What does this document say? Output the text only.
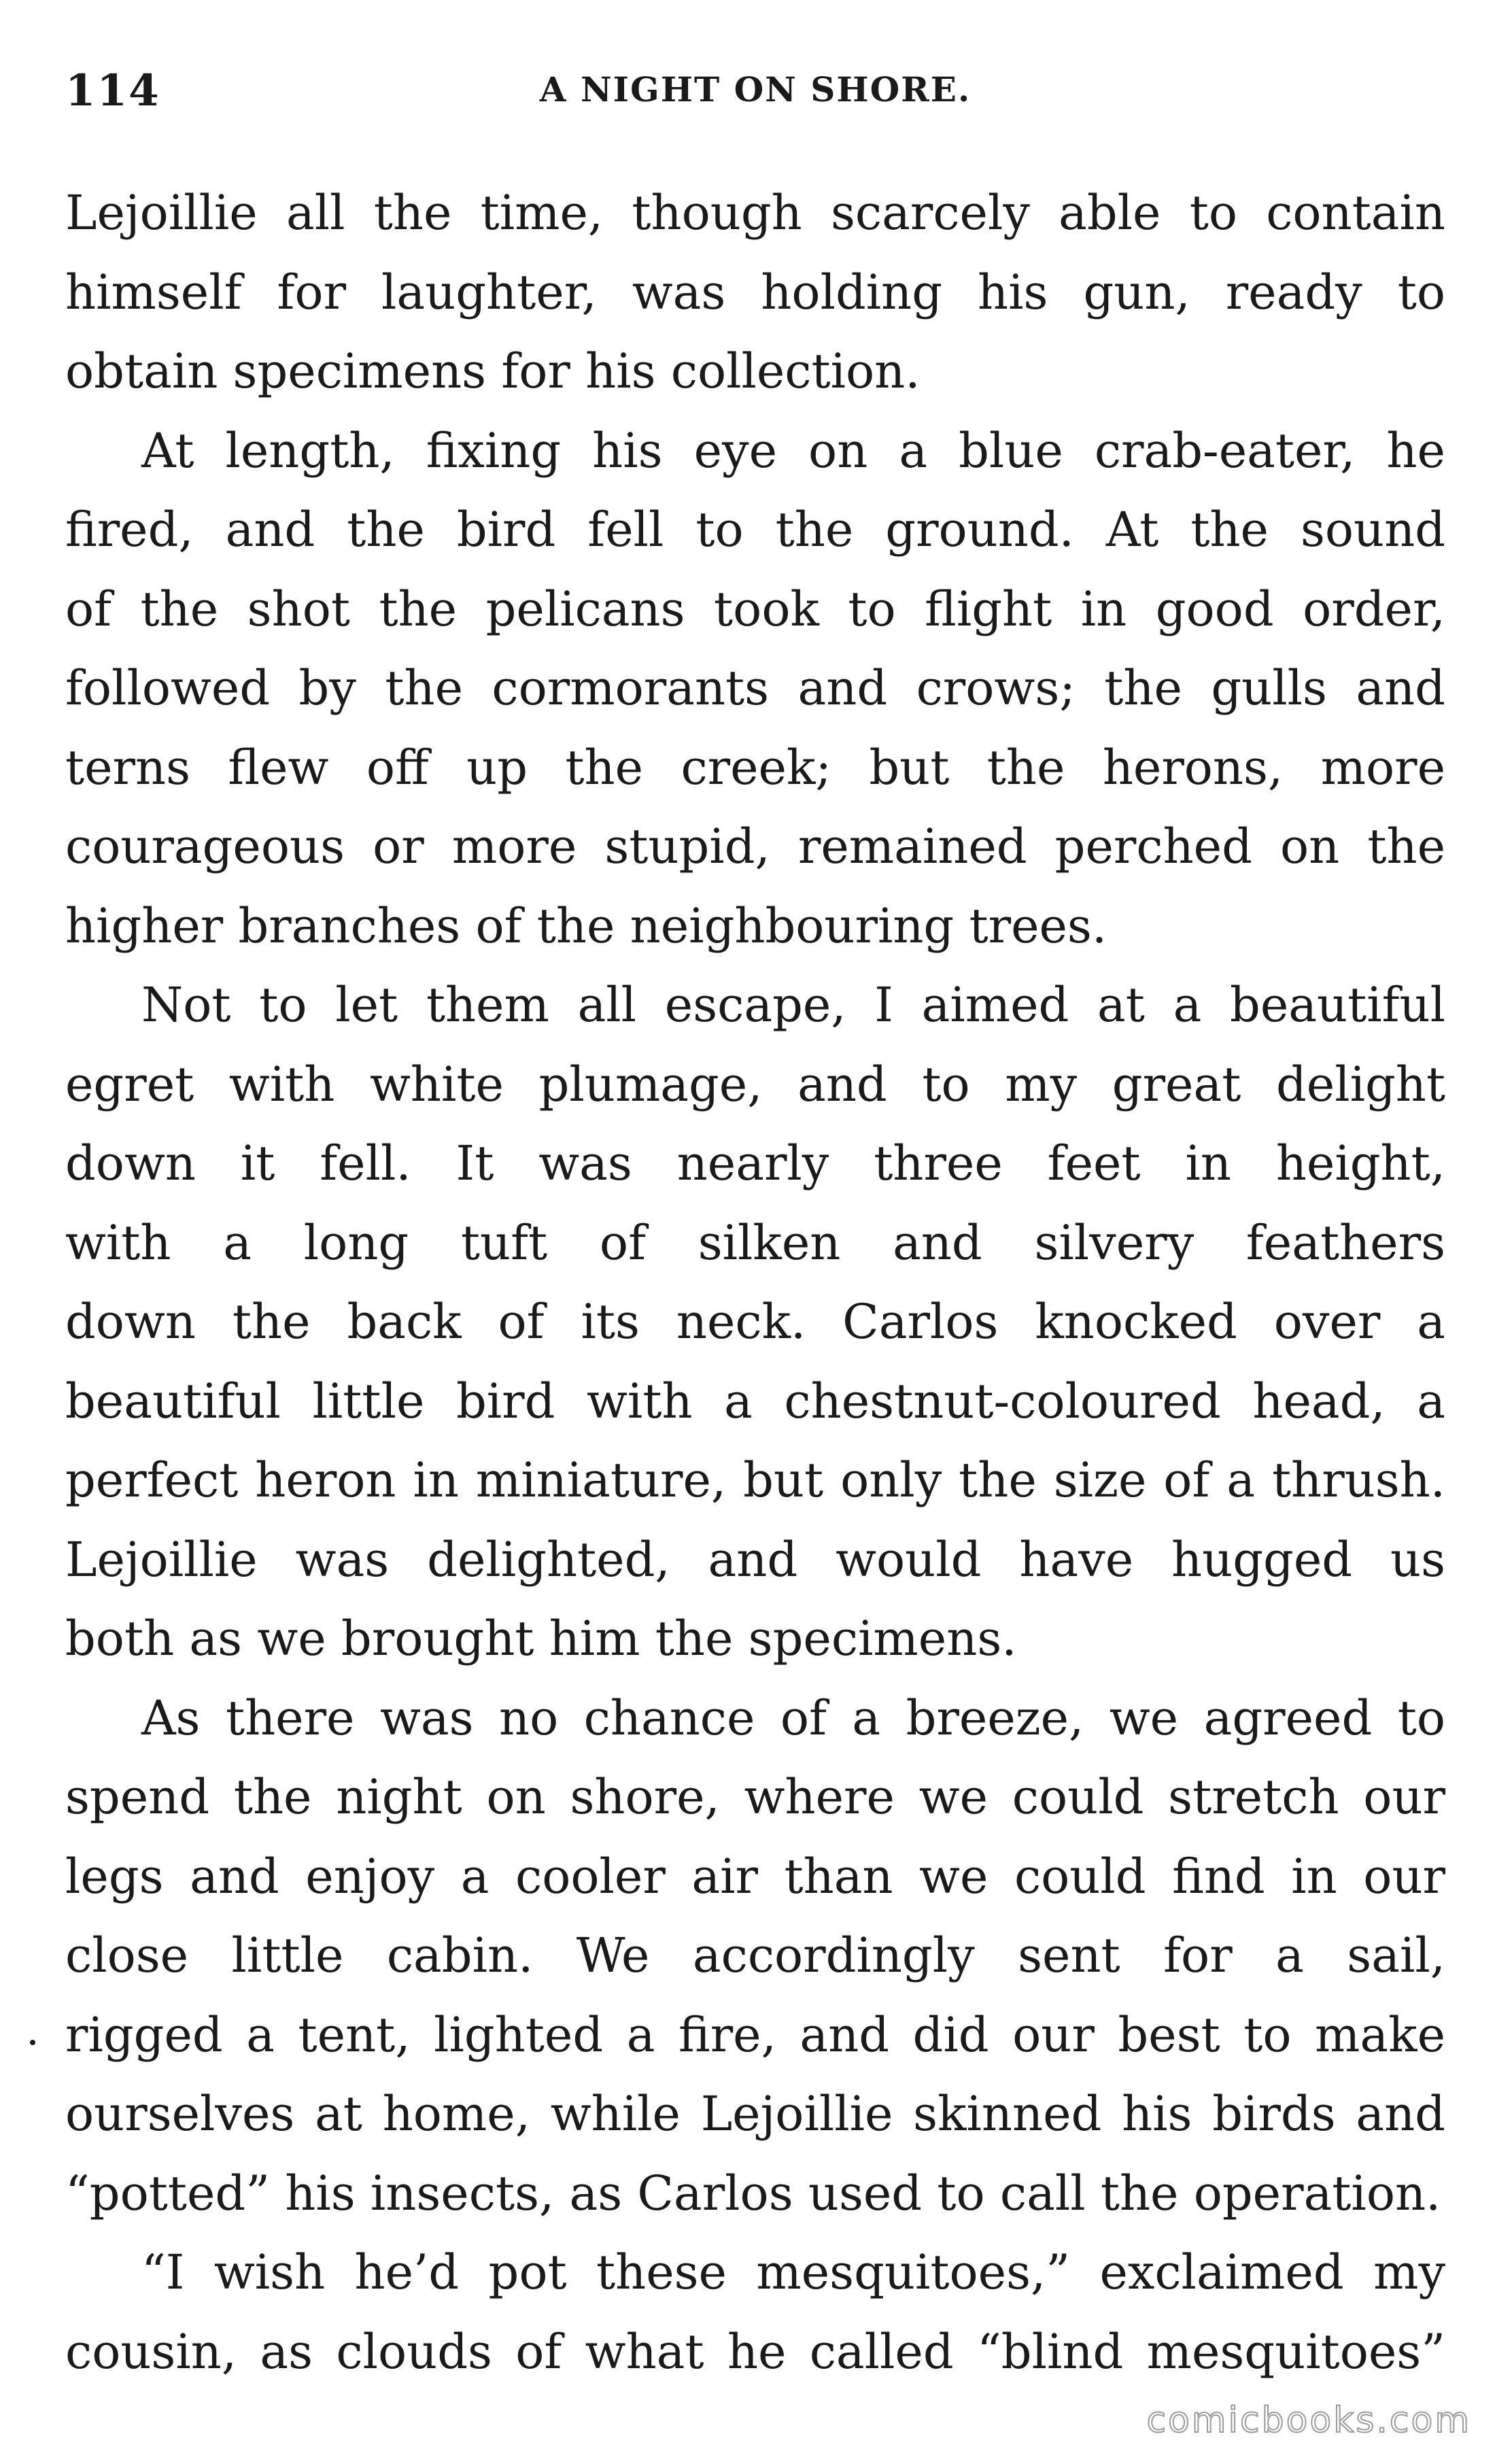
114	A NIGHT ON SHORE.
Lejoillie all the time, though scarcely able to contain
himself for laughter, was holding his gun, ready to
obtain specimens for his collection.
At length, fixing his eye on a blue crab-eater, he
fired, and the bird fell to the ground. At the sound
of the shot the pelicans took to flight in good order,
followed by the cormorants and crows; the gulls and
terns flew off up the creek; but the herons, more
courageous or more stupid, remained perched on the
higher branches of the neighbouring trees.
Not to let them all escape, I aimed at a beautiful
egret with white plumage, and to my great delight
down it fell. It was nearly three feet in height,
with a long tuft of silken and silvery feathers
down the back of its neck. Carlos knocked over a
beautiful little bird with a chestnut-coloured head, a
perfect heron in miniature, but only the size of a thrush.
Lejoillie was delighted, and would have hugged us
both as we brought him the specimens.
As there was no chance of a breeze, we agreed to
spend the night on shore, where we could stretch our
legs and enjoy a cooler air than we could find in our
close little cabin. We accordingly sent for a sail,
rigged a tent, lighted a fire, and did our best to make
ourselves at home, while Lejoillie skinned his birds and
“potted” his insects, as Carlos used to call the operation.
“I wish he’d pot these mesquitoes,” exclaimed my
cousin, as clouds of what he called “blind mesquitoes”
comicbooks.com
